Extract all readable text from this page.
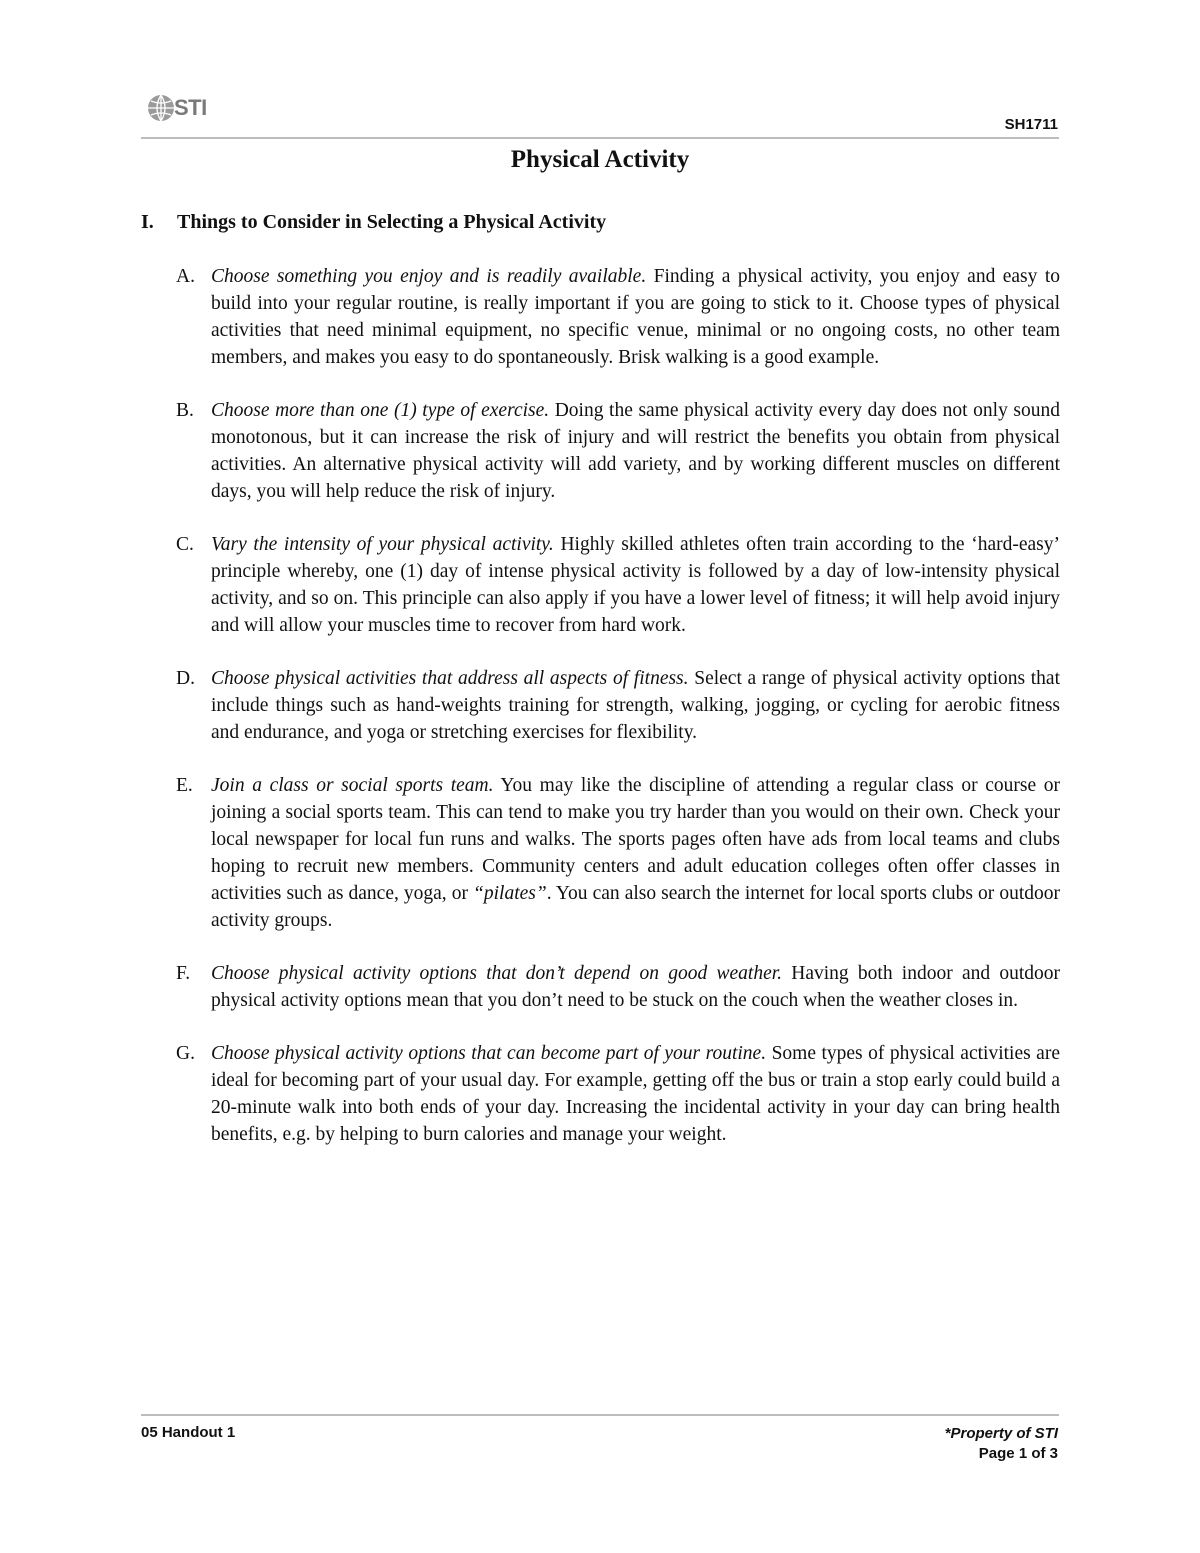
STI
SH1711
Physical Activity
I. Things to Consider in Selecting a Physical Activity
A. Choose something you enjoy and is readily available. Finding a physical activity, you enjoy and easy to build into your regular routine, is really important if you are going to stick to it. Choose types of physical activities that need minimal equipment, no specific venue, minimal or no ongoing costs, no other team members, and makes you easy to do spontaneously. Brisk walking is a good example.
B. Choose more than one (1) type of exercise. Doing the same physical activity every day does not only sound monotonous, but it can increase the risk of injury and will restrict the benefits you obtain from physical activities. An alternative physical activity will add variety, and by working different muscles on different days, you will help reduce the risk of injury.
C. Vary the intensity of your physical activity. Highly skilled athletes often train according to the ‘hard-easy’ principle whereby, one (1) day of intense physical activity is followed by a day of low-intensity physical activity, and so on. This principle can also apply if you have a lower level of fitness; it will help avoid injury and will allow your muscles time to recover from hard work.
D. Choose physical activities that address all aspects of fitness. Select a range of physical activity options that include things such as hand-weights training for strength, walking, jogging, or cycling for aerobic fitness and endurance, and yoga or stretching exercises for flexibility.
E. Join a class or social sports team. You may like the discipline of attending a regular class or course or joining a social sports team. This can tend to make you try harder than you would on their own. Check your local newspaper for local fun runs and walks. The sports pages often have ads from local teams and clubs hoping to recruit new members. Community centers and adult education colleges often offer classes in activities such as dance, yoga, or “pilates”. You can also search the internet for local sports clubs or outdoor activity groups.
F.	Choose physical activity options that don’t depend on good weather. Having both indoor and outdoor physical activity options mean that you don’t need to be stuck on the couch when the weather closes in.
G. Choose physical activity options that can become part of your routine. Some types of physical activities are ideal for becoming part of your usual day. For example, getting off the bus or train a stop early could build a 20-minute walk into both ends of your day. Increasing the incidental activity in your day can bring health benefits, e.g. by helping to burn calories and manage your weight.
05 Handout 1	*Property of STI
Page 1 of 3
